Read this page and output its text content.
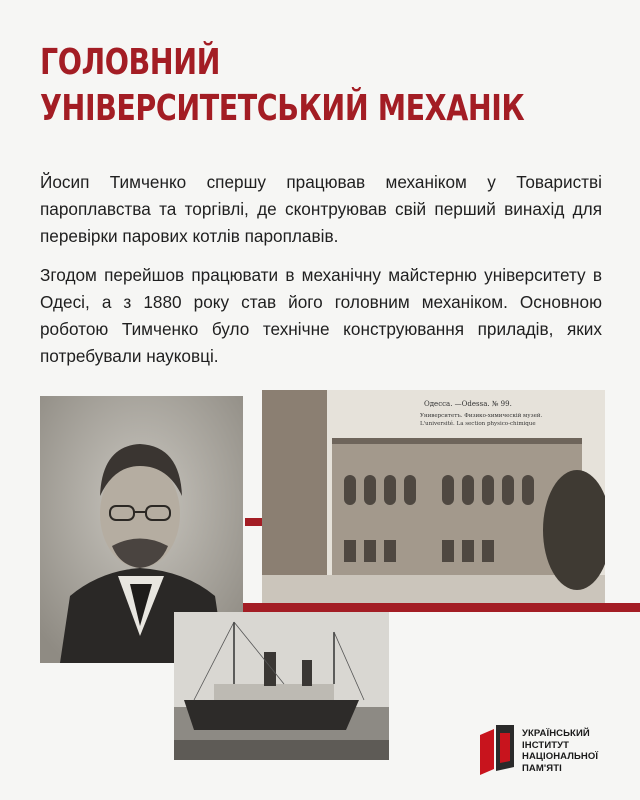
ГОЛОВНИЙ
УНІВЕРСИТЕТСЬКИЙ МЕХАНІК

Йосип Тимченко спершу працював механіком у Товаристві пароплавства та торгівлі, де сконтруював свій перший винахід для перевірки парових котлів пароплавів.

Згодом перейшов працювати в механічну майстерню університету в Одесі, а з 1880 року став його головним механіком. Основною роботою Тимченко було технічне конструювання приладів, яких потребували науковці.

Одесса. —Odessa. № 99.
Университетъ. Физико-химическій музей.
L'université. La section physico-chimique
УКРАЇНСЬКИЙ
ІНСТИТУТ
НАЦІОНАЛЬНОЇ
ПАМ'ЯТІ
